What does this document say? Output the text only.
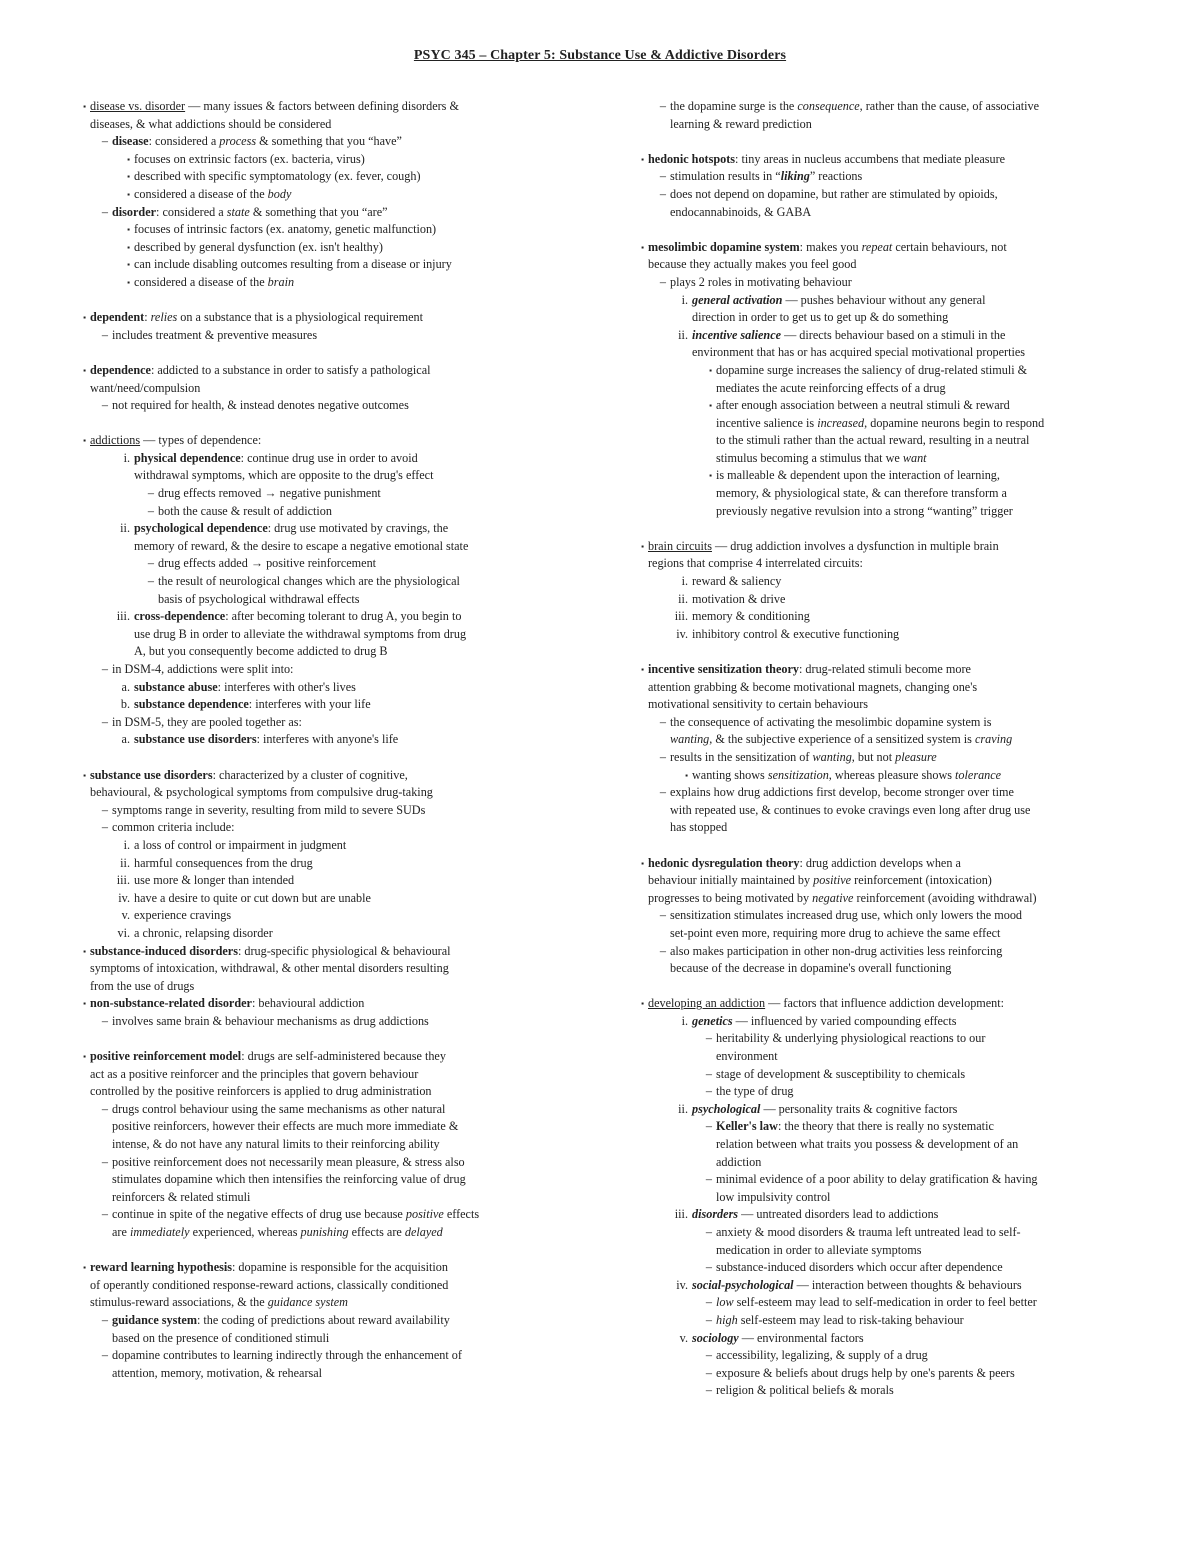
PSYC 345 – Chapter 5: Substance Use & Addictive Disorders
▪ disease vs. disorder — many issues & factors between defining disorders &
diseases, & what addictions should be considered
– disease: considered a process & something that you “have”
▪ focuses on extrinsic factors (ex. bacteria, virus)
▪ described with specific symptomatology (ex. fever, cough)
▪ considered a disease of the body
– disorder: considered a state & something that you “are”
▪ focuses of intrinsic factors (ex. anatomy, genetic malfunction)
▪ described by general dysfunction (ex. isn't healthy)
▪ can include disabling outcomes resulting from a disease or injury
▪ considered a disease of the brain
▪ dependent: relies on a substance that is a physiological requirement
– includes treatment & preventive measures
▪ dependence: addicted to a substance in order to satisfy a pathological
want/need/compulsion
– not required for health, & instead denotes negative outcomes
▪ addictions — types of dependence:
i. physical dependence: continue drug use in order to avoid
withdrawal symptoms, which are opposite to the drug's effect
– drug effects removed → negative punishment
– both the cause & result of addiction
ii. psychological dependence: drug use motivated by cravings, the
memory of reward, & the desire to escape a negative emotional state
– drug effects added → positive reinforcement
– the result of neurological changes which are the physiological
basis of psychological withdrawal effects
iii. cross-dependence: after becoming tolerant to drug A, you begin to
use drug B in order to alleviate the withdrawal symptoms from drug
A, but you consequently become addicted to drug B
– in DSM-4, addictions were split into:
a. substance abuse: interferes with other's lives
b. substance dependence: interferes with your life
– in DSM-5, they are pooled together as:
a. substance use disorders: interferes with anyone's life
▪ substance use disorders: characterized by a cluster of cognitive,
behavioural, & psychological symptoms from compulsive drug-taking
– symptoms range in severity, resulting from mild to severe SUDs
– common criteria include:
i. a loss of control or impairment in judgment
ii. harmful consequences from the drug
iii. use more & longer than intended
iv. have a desire to quite or cut down but are unable
v. experience cravings
vi. a chronic, relapsing disorder
▪ substance-induced disorders: drug-specific physiological & behavioural
symptoms of intoxication, withdrawal, & other mental disorders resulting
from the use of drugs
▪ non-substance-related disorder: behavioural addiction
– involves same brain & behaviour mechanisms as drug addictions
▪ positive reinforcement model: drugs are self-administered because they
act as a positive reinforcer and the principles that govern behaviour
controlled by the positive reinforcers is applied to drug administration
– drugs control behaviour using the same mechanisms as other natural
positive reinforcers, however their effects are much more immediate &
intense, & do not have any natural limits to their reinforcing ability
– positive reinforcement does not necessarily mean pleasure, & stress also
stimulates dopamine which then intensifies the reinforcing value of drug
reinforcers & related stimuli
– continue in spite of the negative effects of drug use because positive effects
are immediately experienced, whereas punishing effects are delayed
▪ reward learning hypothesis: dopamine is responsible for the acquisition
of operantly conditioned response-reward actions, classically conditioned
stimulus-reward associations, & the guidance system
– guidance system: the coding of predictions about reward availability
based on the presence of conditioned stimuli
– dopamine contributes to learning indirectly through the enhancement of
attention, memory, motivation, & rehearsal
– the dopamine surge is the consequence, rather than the cause, of associative
learning & reward prediction
▪ hedonic hotspots: tiny areas in nucleus accumbens that mediate pleasure
– stimulation results in “liking” reactions
– does not depend on dopamine, but rather are stimulated by opioids,
endocannabinoids, & GABA
▪ mesolimbic dopamine system: makes you repeat certain behaviours, not
because they actually makes you feel good
– plays 2 roles in motivating behaviour
i. general activation — pushes behaviour without any general
direction in order to get us to get up & do something
ii. incentive salience — directs behaviour based on a stimuli in the
environment that has or has acquired special motivational properties
▪ dopamine surge increases the saliency of drug-related stimuli &
mediates the acute reinforcing effects of a drug
▪ after enough association between a neutral stimuli & reward
incentive salience is increased, dopamine neurons begin to respond
to the stimuli rather than the actual reward, resulting in a neutral
stimulus becoming a stimulus that we want
▪ is malleable & dependent upon the interaction of learning,
memory, & physiological state, & can therefore transform a
previously negative revulsion into a strong “wanting” trigger
▪ brain circuits — drug addiction involves a dysfunction in multiple brain
regions that comprise 4 interrelated circuits:
i. reward & saliency
ii. motivation & drive
iii. memory & conditioning
iv. inhibitory control & executive functioning
▪ incentive sensitization theory: drug-related stimuli become more
attention grabbing & become motivational magnets, changing one's
motivational sensitivity to certain behaviours
– the consequence of activating the mesolimbic dopamine system is
wanting, & the subjective experience of a sensitized system is craving
– results in the sensitization of wanting, but not pleasure
▪ wanting shows sensitization, whereas pleasure shows tolerance
– explains how drug addictions first develop, become stronger over time
with repeated use, & continues to evoke cravings even long after drug use
has stopped
▪ hedonic dysregulation theory: drug addiction develops when a
behaviour initially maintained by positive reinforcement (intoxication)
progresses to being motivated by negative reinforcement (avoiding withdrawal)
– sensitization stimulates increased drug use, which only lowers the mood
set-point even more, requiring more drug to achieve the same effect
– also makes participation in other non-drug activities less reinforcing
because of the decrease in dopamine's overall functioning
▪ developing an addiction — factors that influence addiction development:
i. genetics — influenced by varied compounding effects
– heritability & underlying physiological reactions to our
environment
– stage of development & susceptibility to chemicals
– the type of drug
ii. psychological — personality traits & cognitive factors
– Keller's law: the theory that there is really no systematic
relation between what traits you possess & development of an
addiction
– minimal evidence of a poor ability to delay gratification & having
low impulsivity control
iii. disorders — untreated disorders lead to addictions
– anxiety & mood disorders & trauma left untreated lead to self-
medication in order to alleviate symptoms
– substance-induced disorders which occur after dependence
iv. social-psychological — interaction between thoughts & behaviours
– low self-esteem may lead to self-medication in order to feel better
– high self-esteem may lead to risk-taking behaviour
v. sociology — environmental factors
– accessibility, legalizing, & supply of a drug
– exposure & beliefs about drugs help by one's parents & peers
– religion & political beliefs & morals
